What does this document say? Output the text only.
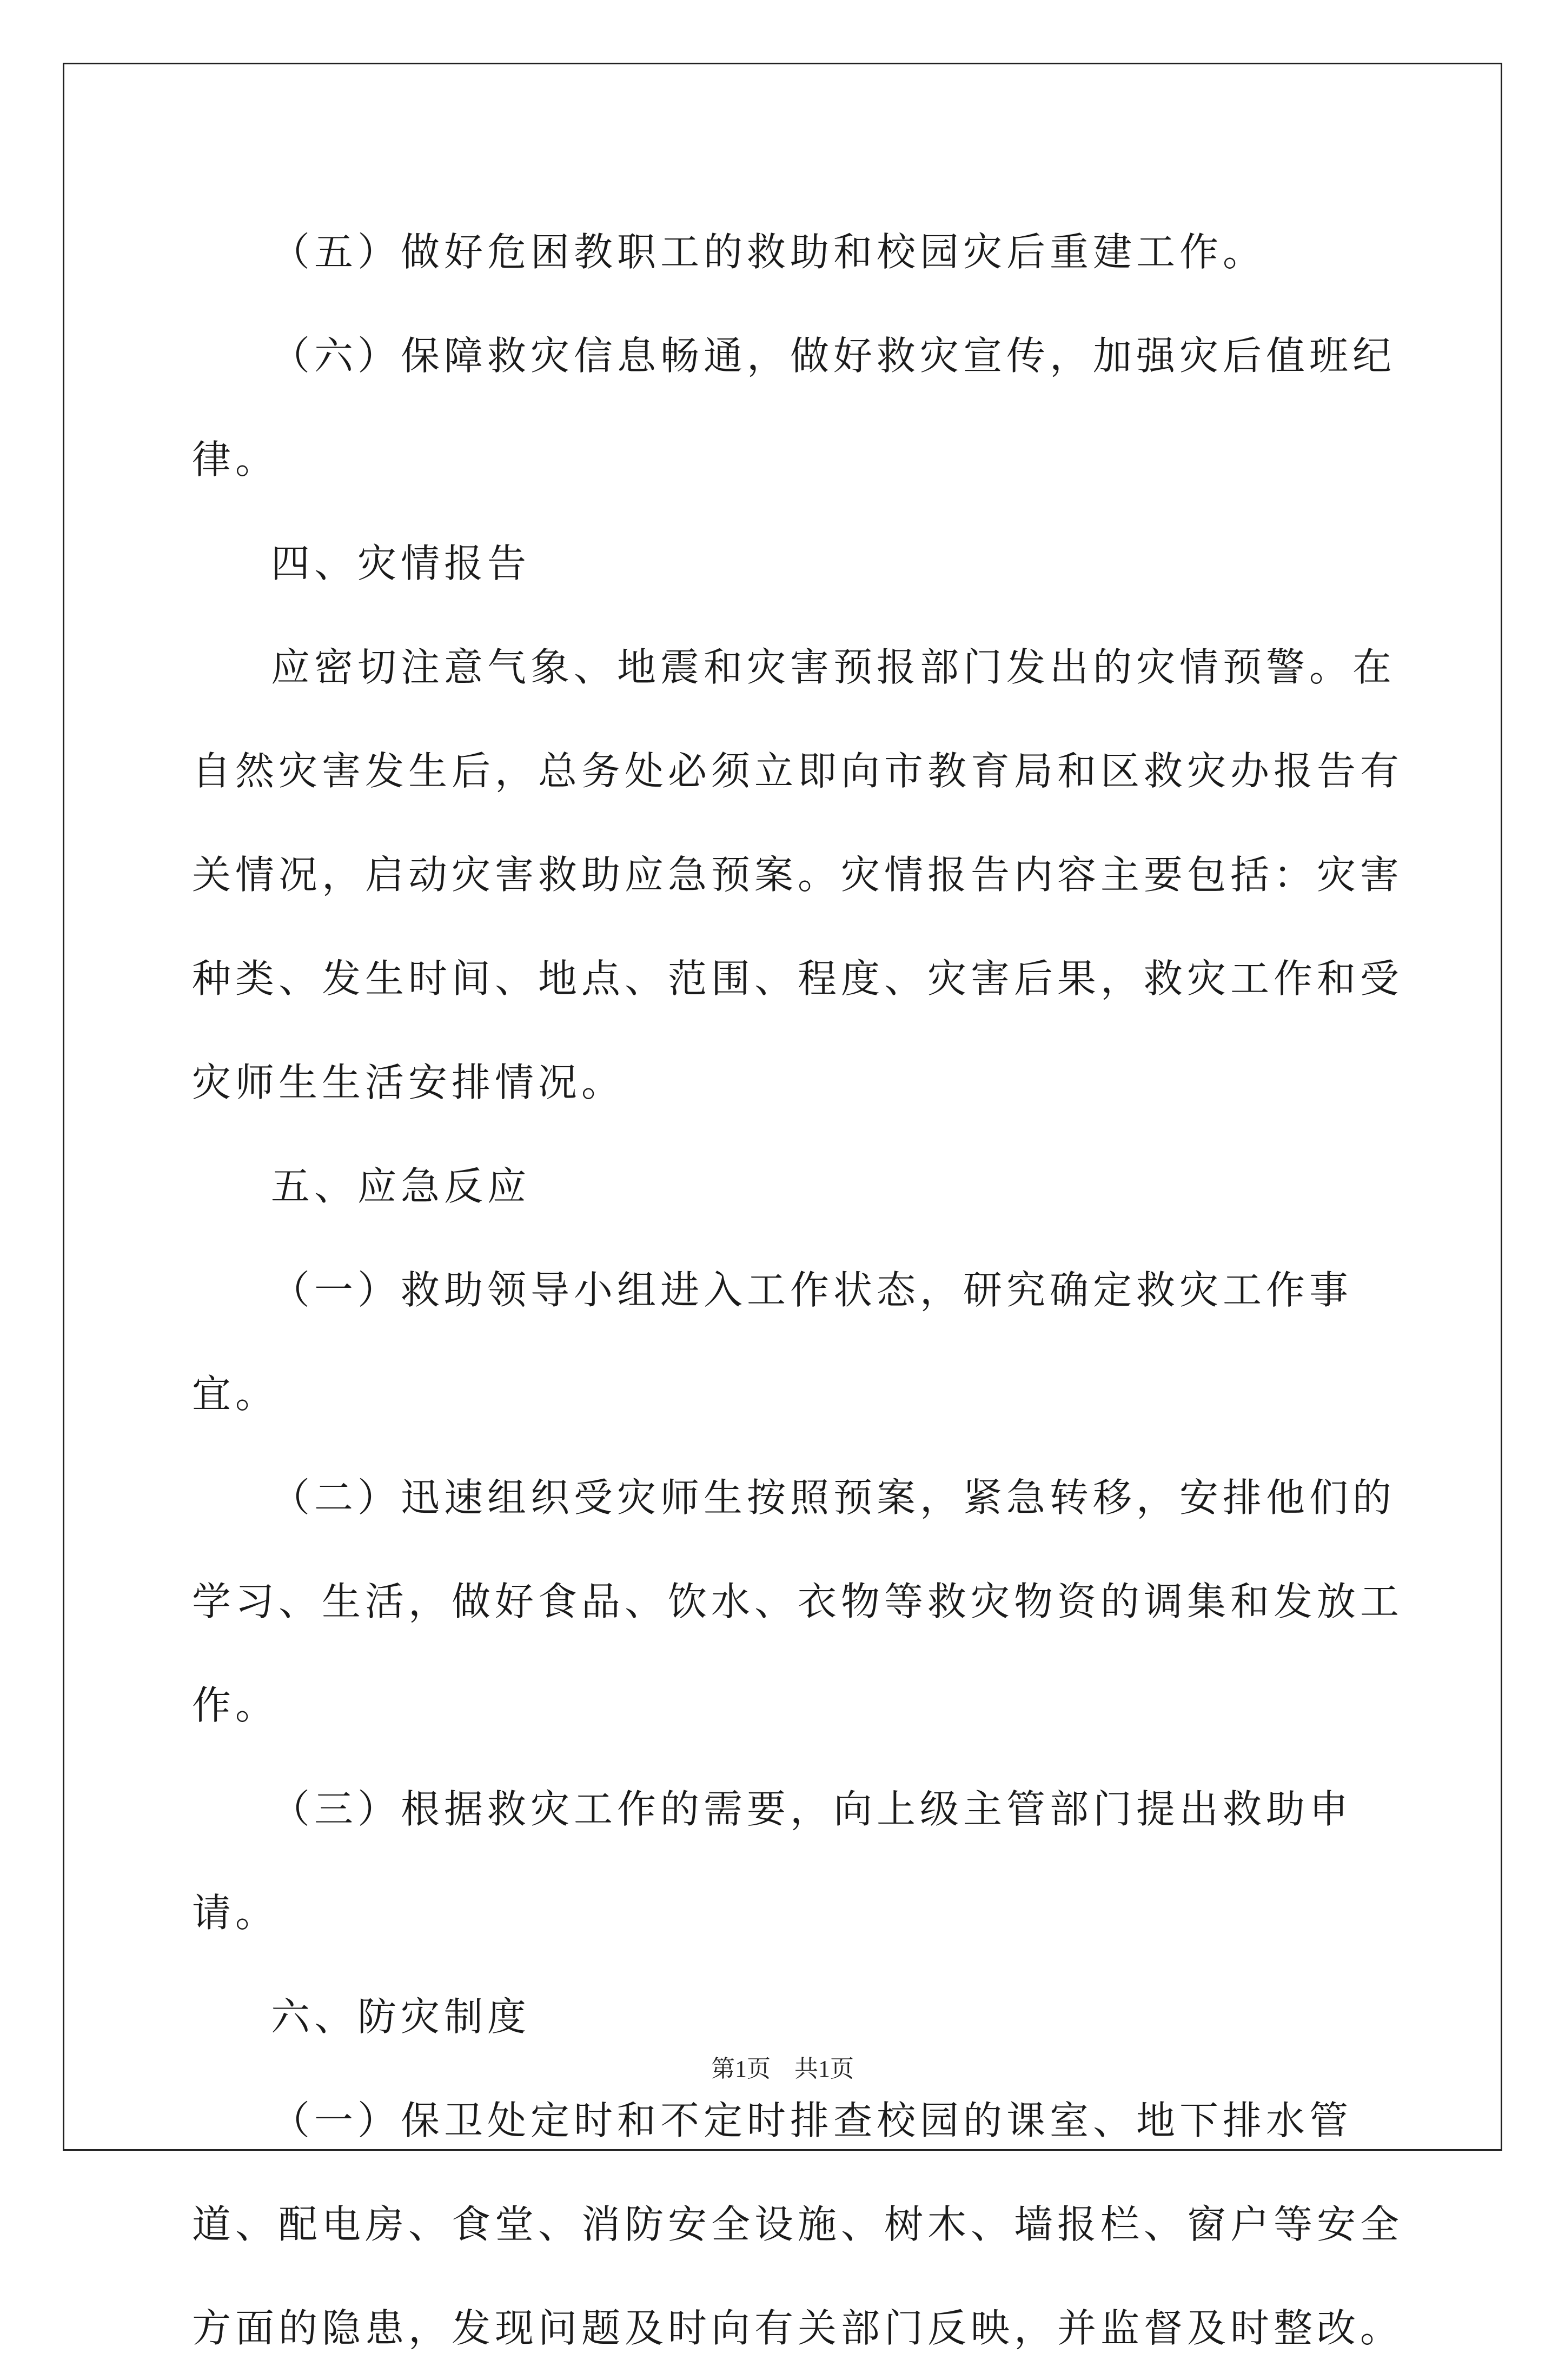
（五）做好危困教职工的救助和校园灾后重建工作。

（六）保障救灾信息畅通，做好救灾宣传，加强灾后值班纪律。

四、灾情报告

应密切注意气象、地震和灾害预报部门发出的灾情预警。在自然灾害发生后，总务处必须立即向市教育局和区救灾办报告有关情况，启动灾害救助应急预案。灾情报告内容主要包括：灾害种类、发生时间、地点、范围、程度、灾害后果，救灾工作和受灾师生生活安排情况。

五、应急反应

（一）救助领导小组进入工作状态，研究确定救灾工作事宜。

（二）迅速组织受灾师生按照预案，紧急转移，安排他们的学习、生活，做好食品、饮水、衣物等救灾物资的调集和发放工作。

（三）根据救灾工作的需要，向上级主管部门提出救助申请。

六、防灾制度

（一）保卫处定时和不定时排查校园的课室、地下排水管道、配电房、食堂、消防安全设施、树木、墙报栏、窗户等安全方面的隐患，发现问题及时向有关部门反映，并监督及时整改。

第1页　共1页
